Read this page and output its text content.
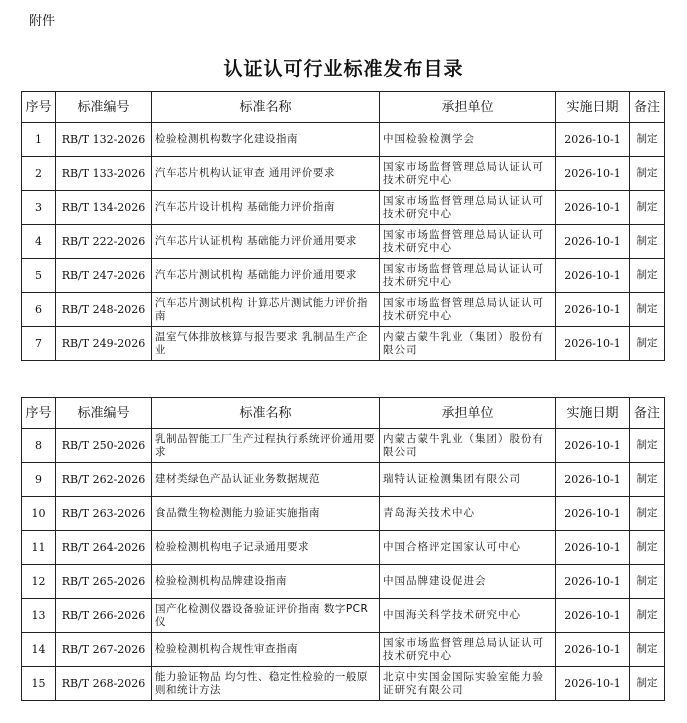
附件
认证认可行业标准发布目录
序号	标准编号	标准名称	承担单位	实施日期	备注
1	RB/T 132-2026	检验检测机构数字化建设指南	中国检验检测学会	2026-10-1	制定
2	RB/T 133-2026	汽车芯片机构认证审查 通用评价要求	国家市场监督管理总局认证认可技术研究中心	2026-10-1	制定
3	RB/T 134-2026	汽车芯片设计机构 基础能力评价指南	国家市场监督管理总局认证认可技术研究中心	2026-10-1	制定
4	RB/T 222-2026	汽车芯片认证机构 基础能力评价通用要求	国家市场监督管理总局认证认可技术研究中心	2026-10-1	制定
5	RB/T 247-2026	汽车芯片测试机构 基础能力评价通用要求	国家市场监督管理总局认证认可技术研究中心	2026-10-1	制定
6	RB/T 248-2026	汽车芯片测试机构 计算芯片测试能力评价指南	国家市场监督管理总局认证认可技术研究中心	2026-10-1	制定
7	RB/T 249-2026	温室气体排放核算与报告要求 乳制品生产企业	内蒙古蒙牛乳业（集团）股份有限公司	2026-10-1	制定
序号	标准编号	标准名称	承担单位	实施日期	备注
8	RB/T 250-2026	乳制品智能工厂生产过程执行系统评价通用要求	内蒙古蒙牛乳业（集团）股份有限公司	2026-10-1	制定
9	RB/T 262-2026	建材类绿色产品认证业务数据规范	瑞特认证检测集团有限公司	2026-10-1	制定
10	RB/T 263-2026	食品微生物检测能力验证实施指南	青岛海关技术中心	2026-10-1	制定
11	RB/T 264-2026	检验检测机构电子记录通用要求	中国合格评定国家认可中心	2026-10-1	制定
12	RB/T 265-2026	检验检测机构品牌建设指南	中国品牌建设促进会	2026-10-1	制定
13	RB/T 266-2026	国产化检测仪器设备验证评价指南 数字PCR仪	中国海关科学技术研究中心	2026-10-1	制定
14	RB/T 267-2026	检验检测机构合规性审查指南	国家市场监督管理总局认证认可技术研究中心	2026-10-1	制定
15	RB/T 268-2026	能力验证物品 均匀性、稳定性检验的一般原则和统计方法	北京中实国金国际实验室能力验证研究有限公司	2026-10-1	制定
